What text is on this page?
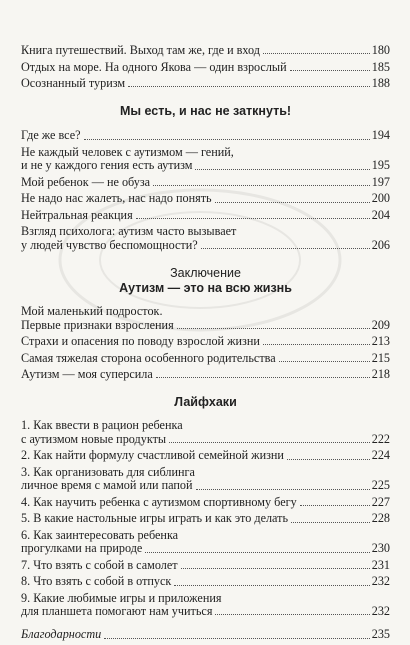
Книга путешествий. Выход там же, где и вход	180
Отдых на море. На одного Якова — один взрослый	185
Осознанный туризм	188
Мы есть, и нас не заткнуть!
Где же все?	194
Не каждый человек с аутизмом — гений,
и не у каждого гения есть аутизм	195
Мой ребенок — не обуза	197
Не надо нас жалеть, нас надо понять	200
Нейтральная реакция	204
Взгляд психолога: аутизм часто вызывает
у людей чувство беспомощности?	206
Заключение
Аутизм — это на всю жизнь
Мой маленький подросток.
Первые признаки взросления	209
Страхи и опасения по поводу взрослой жизни	213
Самая тяжелая сторона особенного родительства	215
Аутизм — моя суперсила	218
Лайфхаки
1. Как ввести в рацион ребенка
с аутизмом новые продукты	222
2. Как найти формулу счастливой семейной жизни	224
3. Как организовать для сиблинга
личное время с мамой или папой	225
4. Как научить ребенка с аутизмом спортивному бегу	227
5. В какие настольные игры играть и как это делать	228
6. Как заинтересовать ребенка
прогулками на природе	230
7. Что взять с собой в самолет	231
8. Что взять с собой в отпуск	232
9. Какие любимые игры и приложения
для планшета помогают нам учиться	232
Благодарности	235
